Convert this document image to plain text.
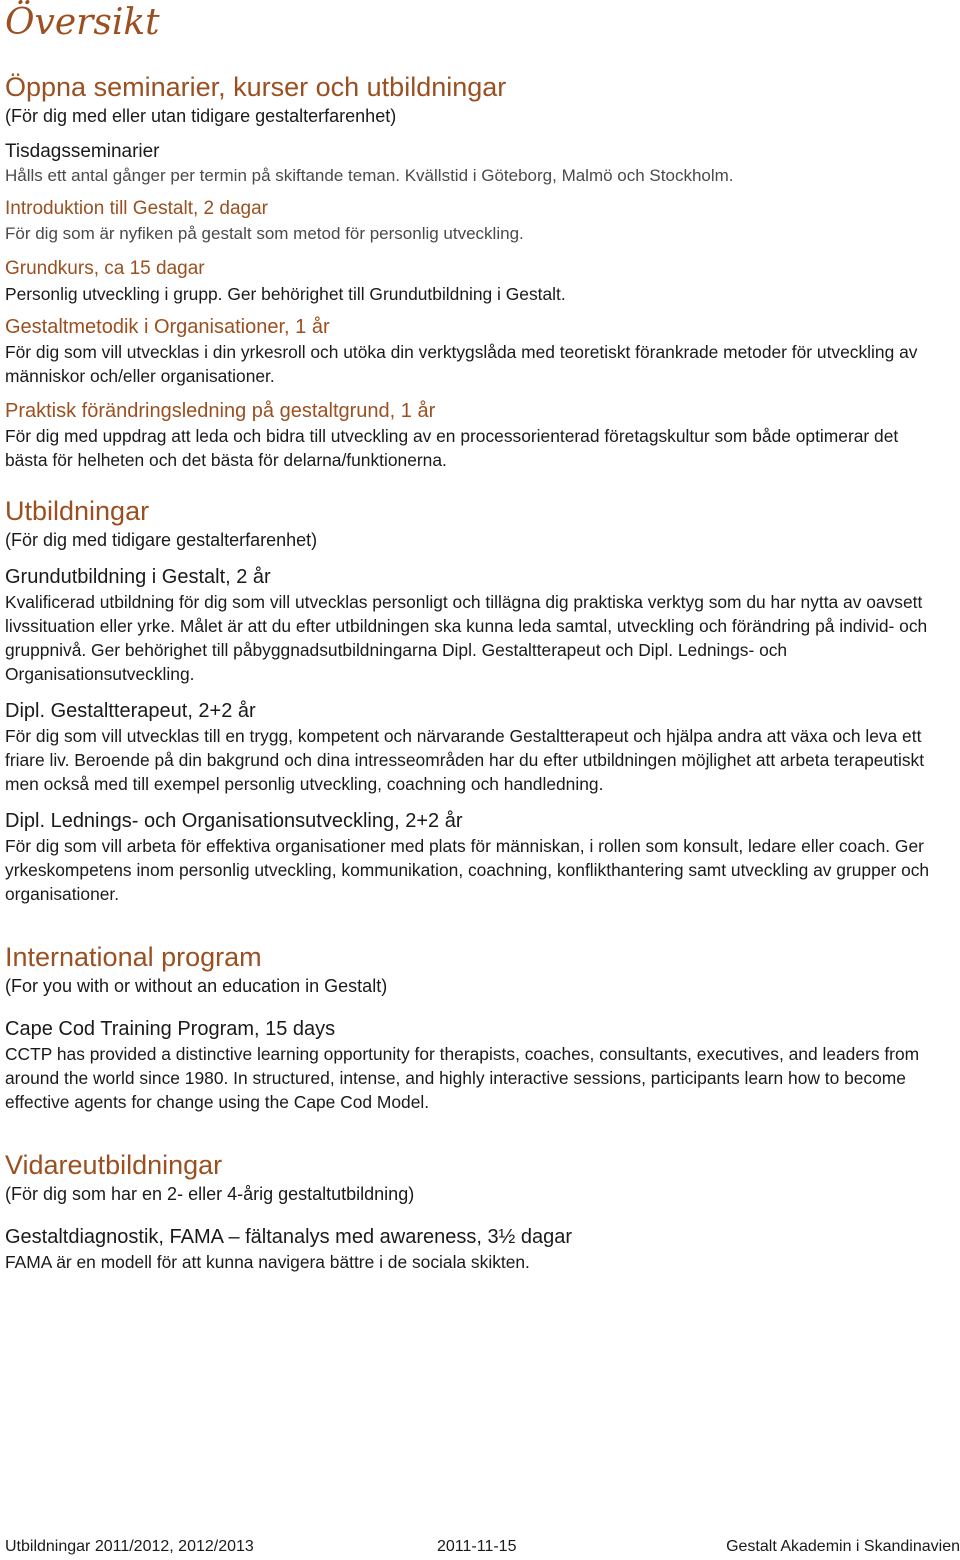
Översikt
Öppna seminarier, kurser och utbildningar

(För dig med eller utan tidigare gestalterfarenhet)

Tisdagsseminarier

Hålls ett antal gånger per termin på skiftande teman. Kvällstid i Göteborg, Malmö och Stockholm.

Introduktion till Gestalt, 2 dagar

För dig som är nyfiken på gestalt som metod för personlig utveckling.

Grundkurs, ca 15 dagar

Personlig utveckling i grupp. Ger behörighet till Grundutbildning i Gestalt.

Gestaltmetodik i Organisationer, 1 år

För dig som vill utvecklas i din yrkesroll och utöka din verktygslåda med teoretiskt förankrade metoder för utveckling av människor och/eller organisationer.

Praktisk förändringsledning på gestaltgrund, 1 år

För dig med uppdrag att leda och bidra till utveckling av en processorienterad företagskultur som både optimerar det bästa för helheten och det bästa för delarna/funktionerna.

Utbildningar

(För dig med tidigare gestalterfarenhet)

Grundutbildning i Gestalt, 2 år

Kvalificerad utbildning för dig som vill utvecklas personligt och tillägna dig praktiska verktyg som du har nytta av oavsett livssituation eller yrke. Målet är att du efter utbildningen ska kunna leda samtal, utveckling och förändring på individ- och gruppnivå. Ger behörighet till påbyggnadsutbildningarna Dipl. Gestaltterapeut och Dipl. Lednings- och Organisationsutveckling.

Dipl. Gestaltterapeut, 2+2 år

För dig som vill utvecklas till en trygg, kompetent och närvarande Gestaltterapeut och hjälpa andra att växa och leva ett friare liv. Beroende på din bakgrund och dina intresseområden har du efter utbildningen möjlighet att arbeta terapeutiskt men också med till exempel personlig utveckling, coachning och handledning.

Dipl. Lednings- och Organisationsutveckling, 2+2 år

För dig som vill arbeta för effektiva organisationer med plats för människan, i rollen som konsult, ledare eller coach. Ger yrkeskompetens inom personlig utveckling, kommunikation, coachning, konflikthantering samt utveckling av grupper och organisationer.

International program

(For you with or without an education in Gestalt)

Cape Cod Training Program, 15 days

CCTP has provided a distinctive learning opportunity for therapists, coaches, consultants, executives, and leaders from around the world since 1980. In structured, intense, and highly interactive sessions, participants learn how to become effective agents for change using the Cape Cod Model.

Vidareutbildningar

(För dig som har en 2- eller 4-årig gestaltutbildning)

Gestaltdiagnostik, FAMA – fältanalys med awareness, 3½ dagar

FAMA är en modell för att kunna navigera bättre i de sociala skikten.

Utbildningar 2011/2012, 2012/2013	2011-11-15	Gestalt Akademin i Skandinavien
